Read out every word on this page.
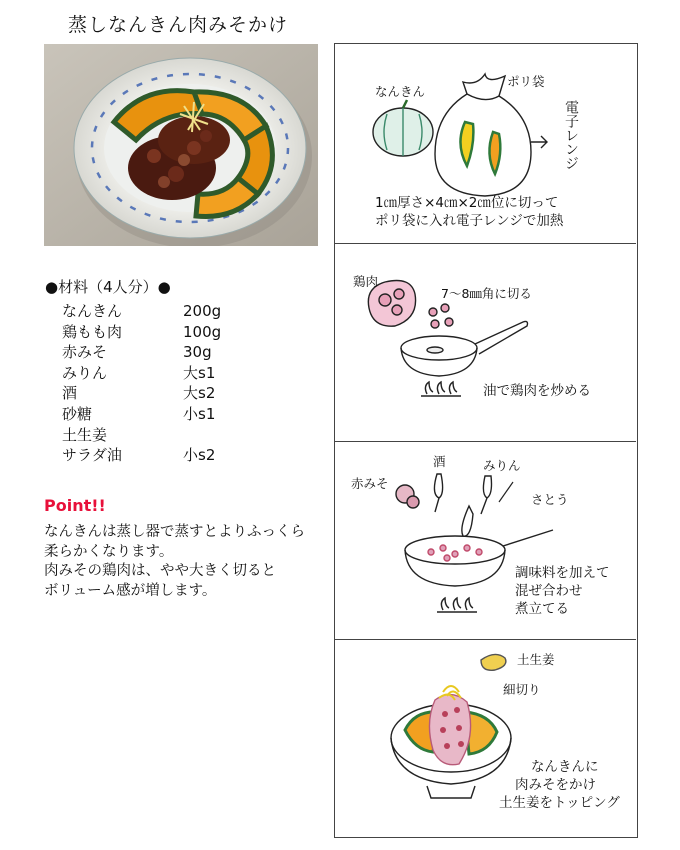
蒸しなんきん肉みそかけ
●材料（4人分）●
なんきん	200g
鶏もも肉	100g
赤みそ	30g
みりん	大s1
酒	大s2
砂糖	小s1
土生姜
サラダ油	小s2
Point!!

なんきんは蒸し器で蒸すとよりふっくら

柔らかくなります。

肉みその鶏肉は、やや大きく切ると

ボリューム感が増します。

なんきん
ポリ袋
電子レンジ
1㎝厚さ×4㎝×2㎝位に切って
ポリ袋に入れ電子レンジで加熱
鶏肉
7～8㎜角に切る
油で鶏肉を炒める
赤みそ
酒	みりん
さとう
調味料を加えて
混ぜ合わせ
煮立てる
土生姜
細切り
なんきんに
肉みそをかけ
土生姜をトッピング
